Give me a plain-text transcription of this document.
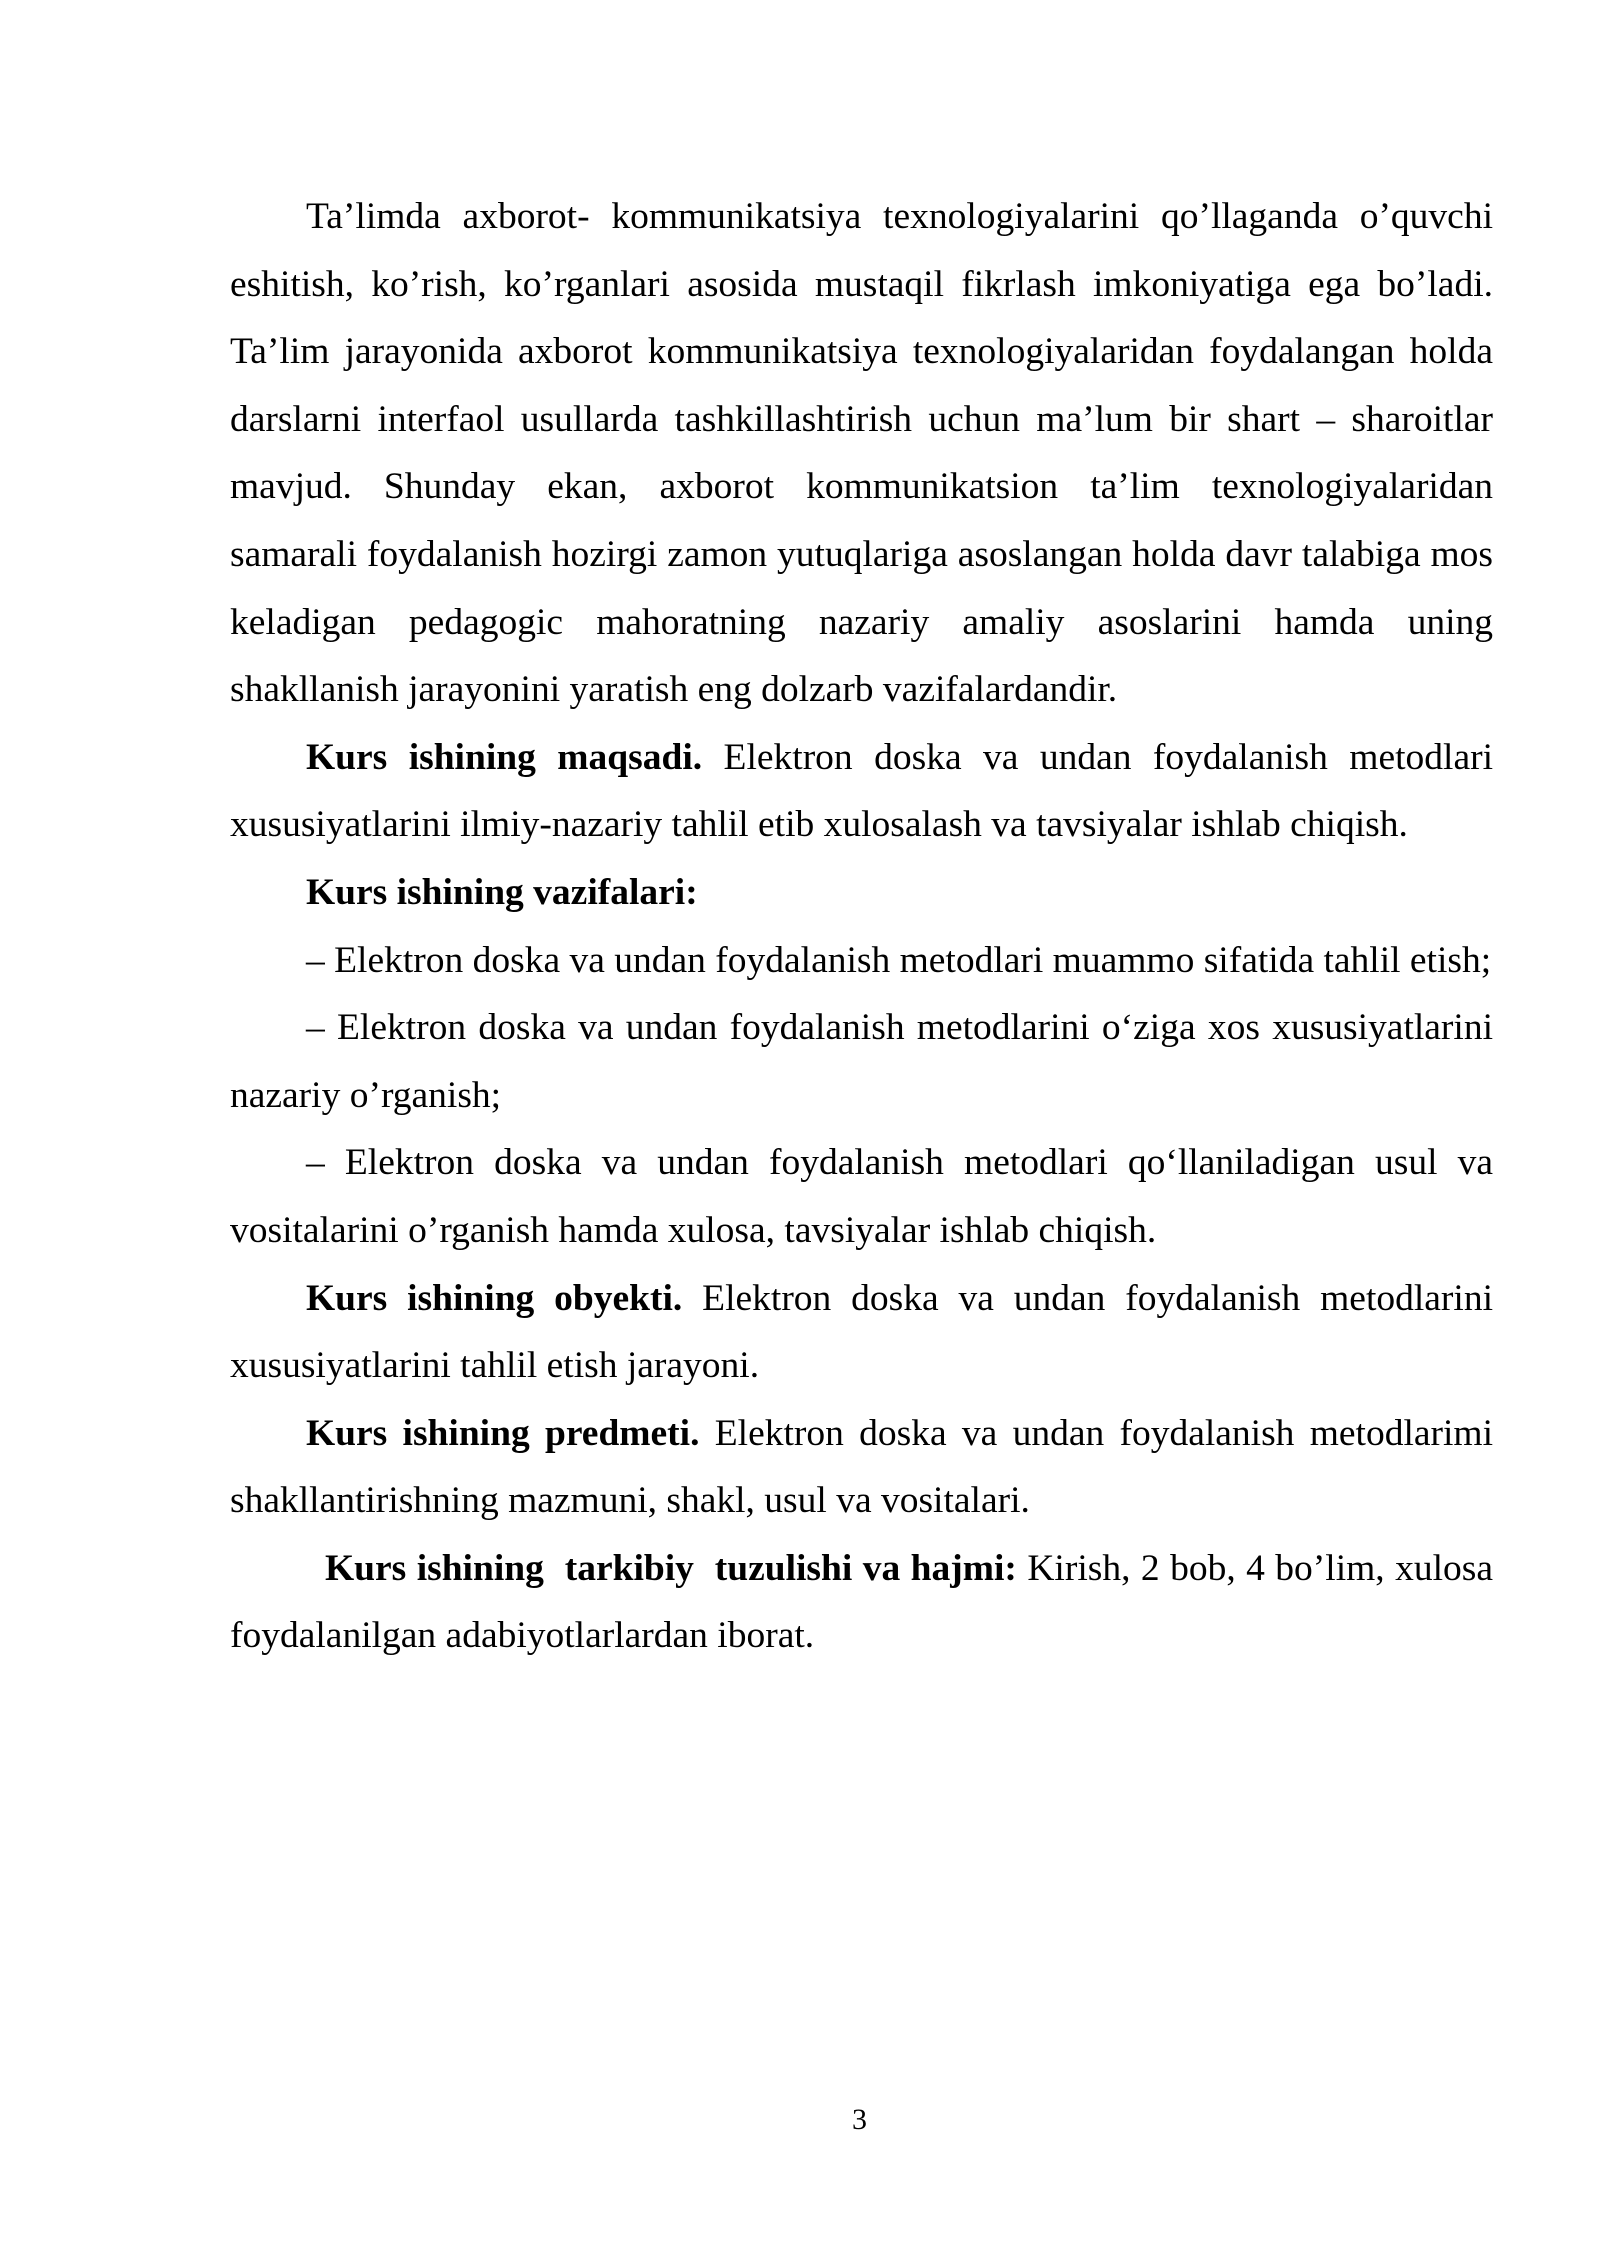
Ta’limda axborot- kommunikatsiya texnologiyalarini qo’llaganda o’quvchi eshitish, ko’rish, ko’rganlari asosida mustaqil fikrlash imkoniyatiga ega bo’ladi. Ta’lim jarayonida axborot kommunikatsiya texnologiyalaridan foydalangan holda darslarni interfaol usullarda tashkillashtirish uchun ma’lum bir shart – sharoitlar mavjud. Shunday ekan, axborot kommunikatsion ta’lim texnologiyalaridan samarali foydalanish hozirgi zamon yutuqlariga asoslangan holda davr talabiga mos keladigan pedagogic mahoratning nazariy amaliy asoslarini hamda uning shakllanish jarayonini yaratish eng dolzarb vazifalardandir.

Kurs ishining maqsadi. Elektron doska va undan foydalanish metodlari xususiyatlarini ilmiy-nazariy tahlil etib xulosalash va tavsiyalar ishlab chiqish.

Kurs ishining vazifalari:

– Elektron doska va undan foydalanish metodlari muammo sifatida tahlil etish;

– Elektron doska va undan foydalanish metodlarini o‘ziga xos xususiyatlarini nazariy o’rganish;

– Elektron doska va undan foydalanish metodlari qo‘llaniladigan usul va vositalarini o’rganish hamda xulosa, tavsiyalar ishlab chiqish.

Kurs ishining obyekti. Elektron doska va undan foydalanish metodlarini xususiyatlarini tahlil etish jarayoni.

Kurs ishining predmeti. Elektron doska va undan foydalanish metodlarimi shakllantirishning mazmuni, shakl, usul va vositalari.

Kurs ishining  tarkibiy  tuzulishi va hajmi: Kirish, 2 bob, 4 bo’lim, xulosa foydalanilgan adabiyotlarlardan iborat.

3
